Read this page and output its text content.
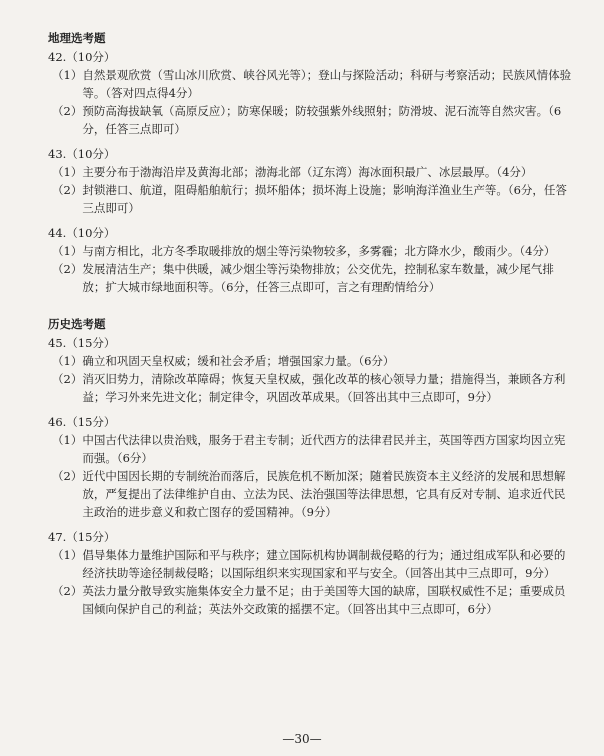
地理选考题
42.（10分）
（1） 自然景观欣赏（雪山冰川欣赏、峡谷风光等）；登山与探险活动；科研与考察活动；民族风情体验等。（答对四点得4分）
（2） 预防高海拔缺氧（高原反应）；防寒保暖；防较强紫外线照射；防滑坡、泥石流等自然灾害。（6分，任答三点即可）
43.（10分）
（1） 主要分布于渤海沿岸及黄海北部；渤海北部（辽东湾）海冰面积最广、冰层最厚。（4分）
（2） 封锁港口、航道，阻碍船舶航行；损坏船体；损坏海上设施；影响海洋渔业生产等。（6分，任答三点即可）
44.（10分）
（1） 与南方相比，北方冬季取暖排放的烟尘等污染物较多，多雾霾；北方降水少，酸雨少。（4分）
（2） 发展清洁生产；集中供暖，减少烟尘等污染物排放；公交优先，控制私家车数量，减少尾气排放；扩大城市绿地面积等。（6分，任答三点即可，言之有理酌情给分）
历史选考题
45.（15分）
（1） 确立和巩固天皇权威；缓和社会矛盾；增强国家力量。（6分）
（2） 消灭旧势力，清除改革障碍；恢复天皇权威，强化改革的核心领导力量；措施得当，兼顾各方利益；学习外来先进文化；制定律令，巩固改革成果。（回答出其中三点即可，9分）
46.（15分）
（1） 中国古代法律以贵治贱，服务于君主专制；近代西方的法律君民并主，英国等西方国家均因立宪而强。（6分）
（2） 近代中国因长期的专制统治而落后，民族危机不断加深；随着民族资本主义经济的发展和思想解放，严复提出了法律维护自由、立法为民、法治强国等法律思想，它具有反对专制、追求近代民主政治的进步意义和救亡图存的爱国精神。（9分）
47.（15分）
（1） 倡导集体力量维护国际和平与秩序；建立国际机构协调制裁侵略的行为；通过组成军队和必要的经济扶助等途径制裁侵略；以国际组织来实现国家和平与安全。（回答出其中三点即可，9分）
（2） 英法力量分散导致实施集体安全力量不足；由于美国等大国的缺席，国联权威性不足；重要成员国倾向保护自己的利益；英法外交政策的摇摆不定。（回答出其中三点即可，6分）
—30—
